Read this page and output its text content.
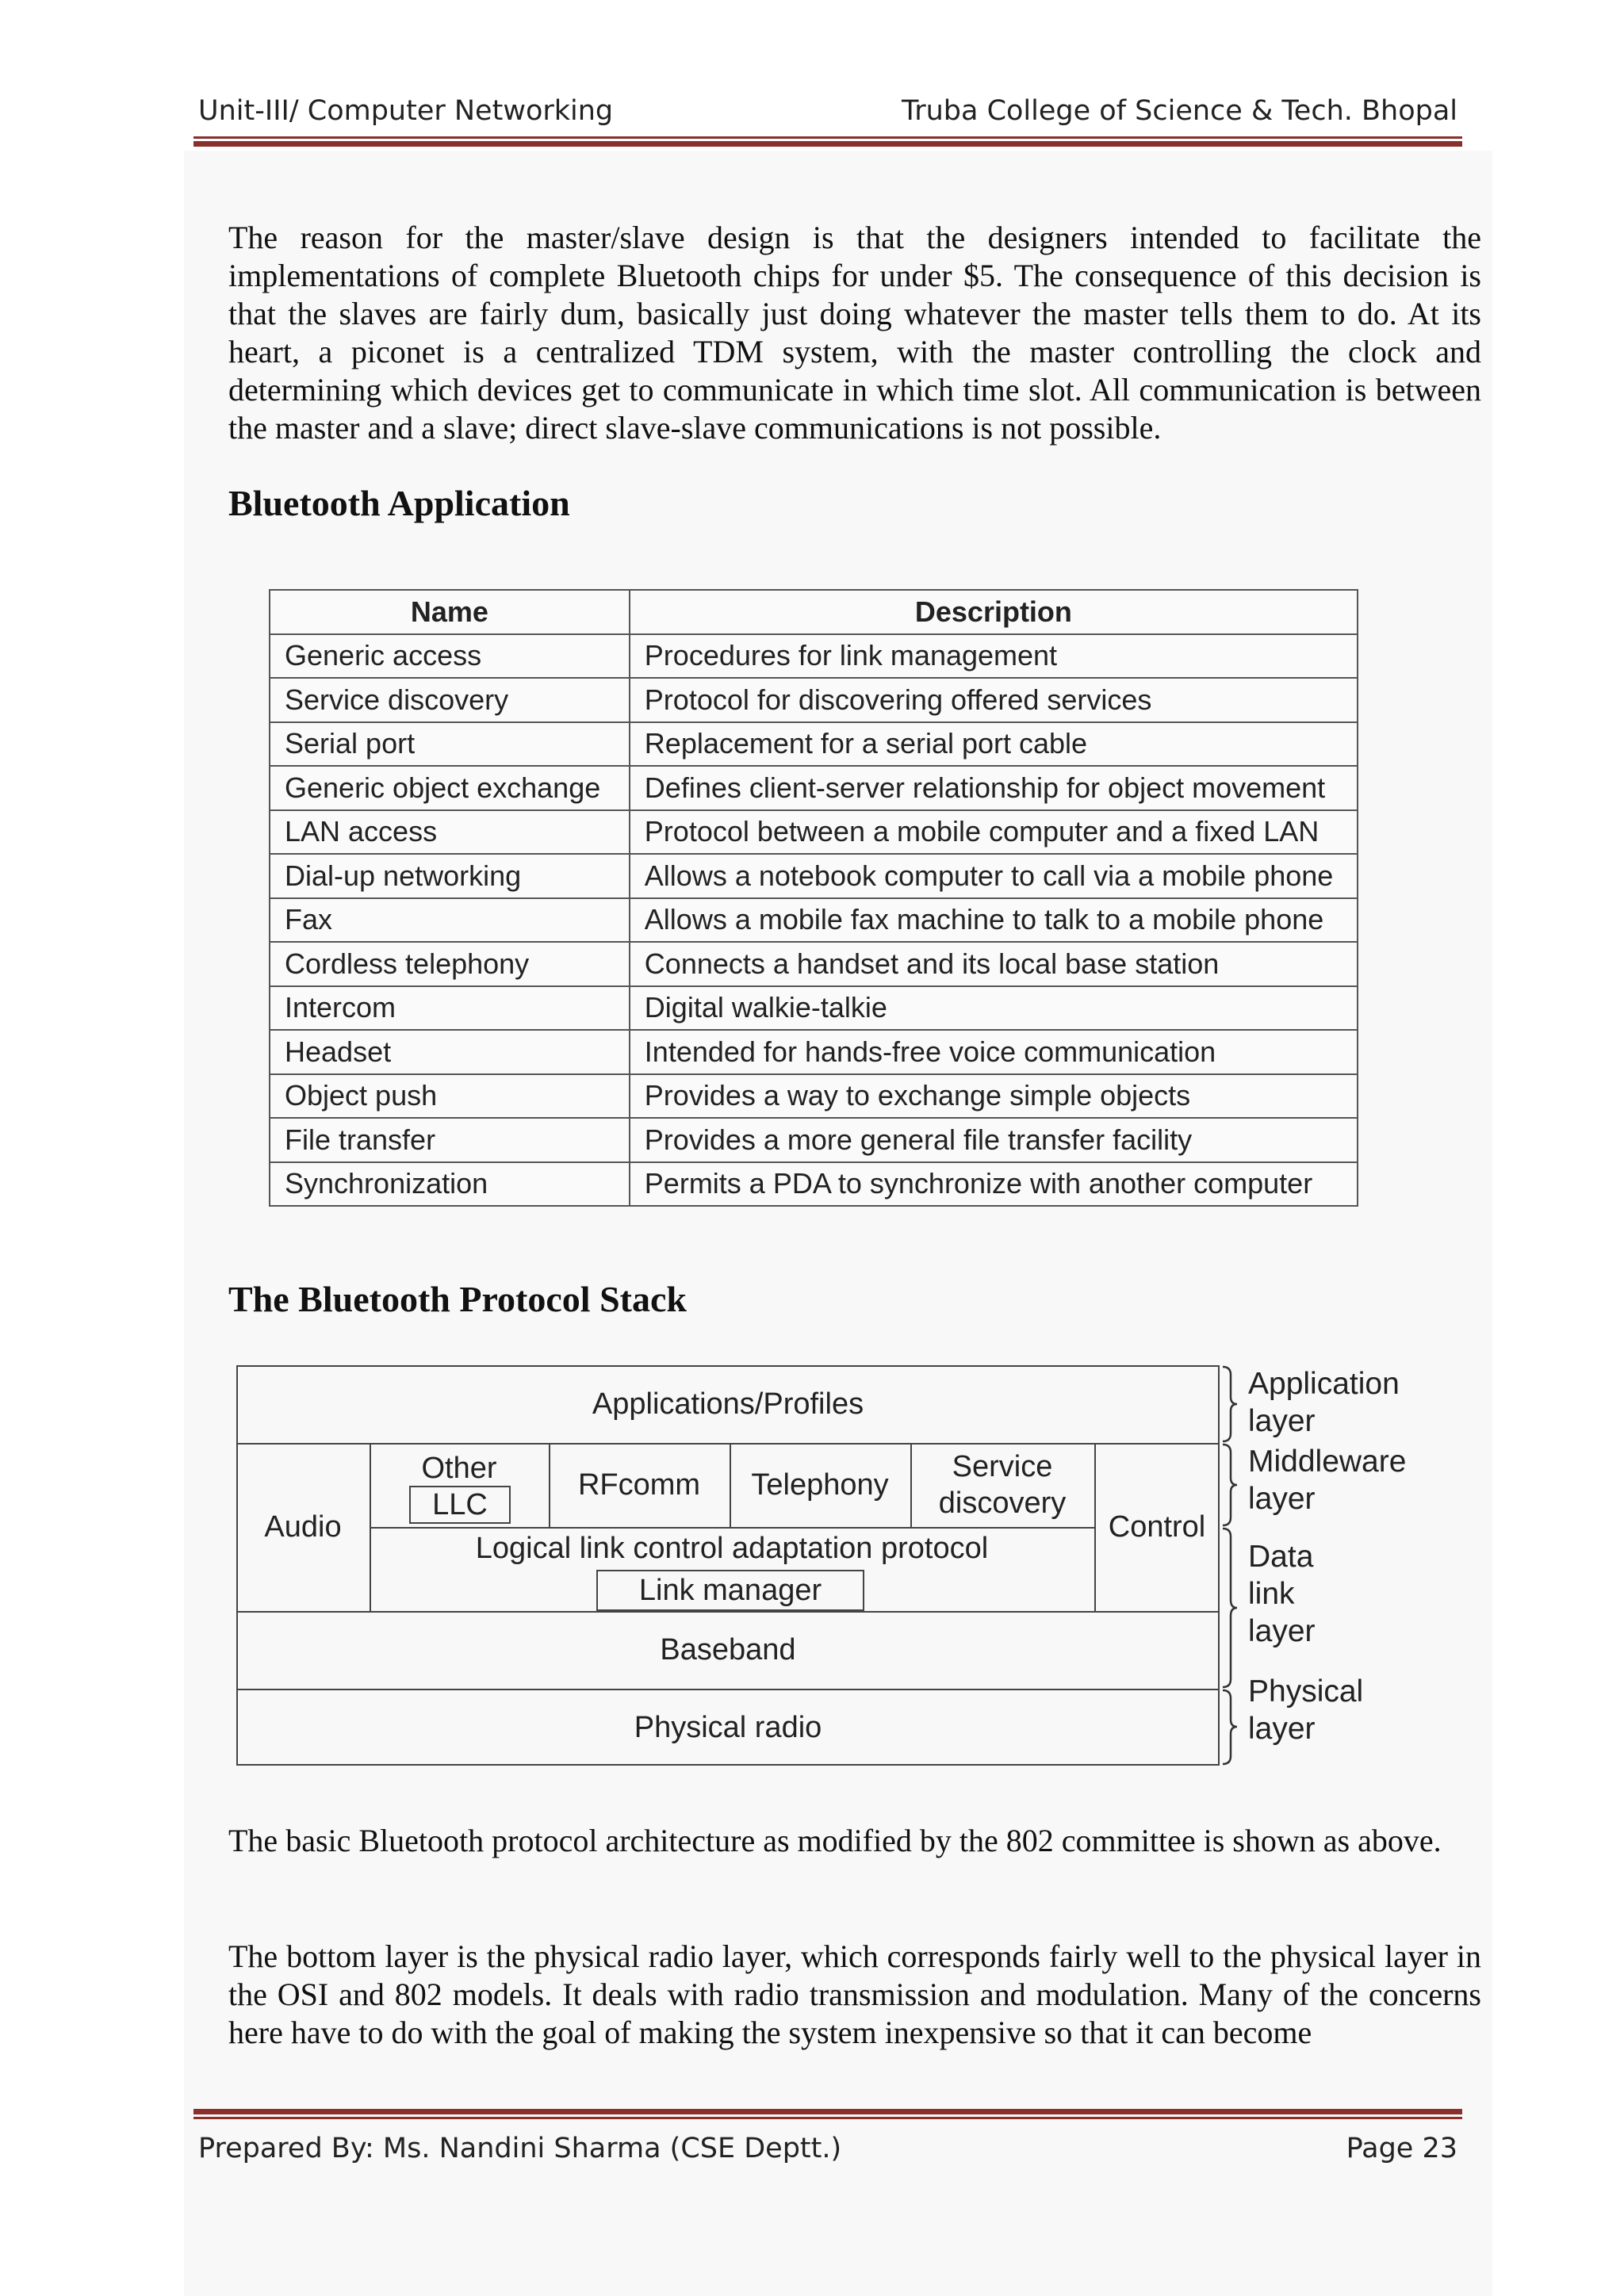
Unit-III/ Computer Networking	Truba College of Science & Tech. Bhopal
The reason for the master/slave design is that the designers intended to facilitate the implementations of complete Bluetooth chips for under $5. The consequence of this decision is that the slaves are fairly dum, basically just doing whatever the master tells them to do. At its heart, a piconet is a centralized TDM system, with the master controlling the clock and determining which devices get to communicate in which time slot. All communication is between the master and a slave; direct slave-slave communications is not possible.
Bluetooth Application
Name	Description
Generic access	Procedures for link management
Service discovery	Protocol for discovering offered services
Serial port	Replacement for a serial port cable
Generic object exchange	Defines client-server relationship for object movement
LAN access	Protocol between a mobile computer and a fixed LAN
Dial-up networking	Allows a notebook computer to call via a mobile phone
Fax	Allows a mobile fax machine to talk to a mobile phone
Cordless telephony	Connects a handset and its local base station
Intercom	Digital walkie-talkie
Headset	Intended for hands-free voice communication
Object push	Provides a way to exchange simple objects
File transfer	Provides a more general file transfer facility
Synchronization	Permits a PDA to synchronize with another computer
The Bluetooth Protocol Stack
Applications/Profiles
Audio
Other
LLC
RFcomm	Telephony
Service
discovery
Control
Logical link control adaptation protocol
Link manager
Baseband
Physical radio
Application
layer
Middleware
layer
Data
link
layer
Physical
layer
The basic Bluetooth protocol architecture as modified by the 802 committee is shown as above.
The bottom layer is the physical radio layer, which corresponds fairly well to the physical layer in the OSI and 802 models. It deals with radio transmission and modulation. Many of the concerns here have to do with the goal of making the system inexpensive so that it can become
Prepared By: Ms. Nandini Sharma (CSE Deptt.)	Page 23
